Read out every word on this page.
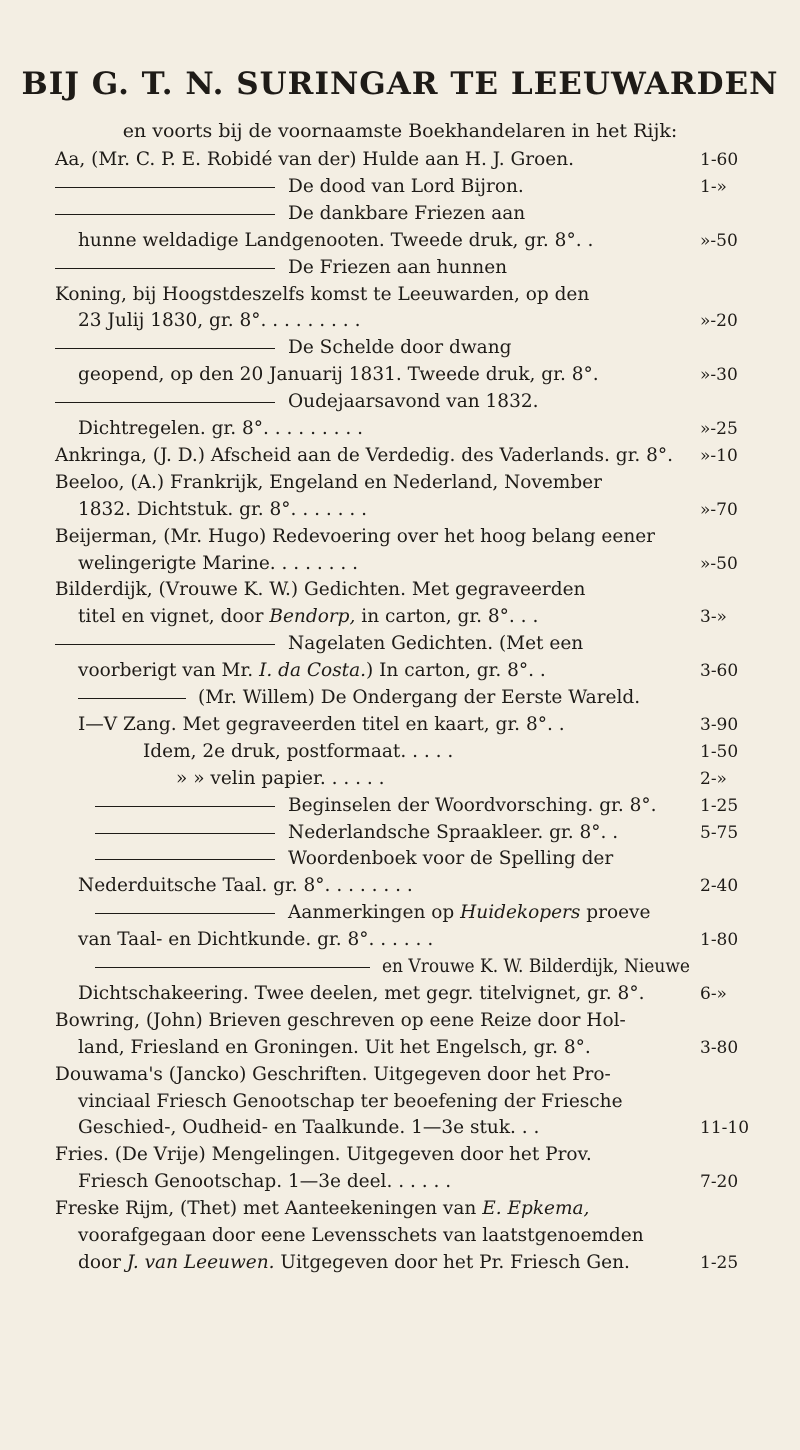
BIJ G. T. N. SURINGAR TE LEEUWARDEN

en voorts bij de voornaamste Boekhandelaren in het Rijk:

Aa, (Mr. C. P. E. Robidé van der) Hulde aan H. J. Groen.	1-60
De dood van Lord Bijron.	1-»
De dankbare Friezen aan
hunne weldadige Landgenooten. Tweede druk, gr. 8°. .	»-50
De Friezen aan hunnen
Koning, bij Hoogstdeszelfs komst te Leeuwarden, op den
23 Julij 1830, gr. 8°. . . . . . . . .	»-20
De Schelde door dwang
geopend, op den 20 Januarij 1831. Tweede druk, gr. 8°.	»-30
Oudejaarsavond van 1832.
Dichtregelen. gr. 8°. . . . . . . . .	»-25
Ankringa, (J. D.) Afscheid aan de Verdedig. des Vaderlands. gr. 8°. »-10
Beeloo, (A.) Frankrijk, Engeland en Nederland, November
1832. Dichtstuk. gr. 8°. . . . . . .	»-70
Beijerman, (Mr. Hugo) Redevoering over het hoog belang eener
welingerigte Marine. . . . . . . .	»-50
Bilderdijk, (Vrouwe K. W.) Gedichten. Met gegraveerden
titel en vignet, door Bendorp, in carton, gr. 8°. . .	3-»
Nagelaten Gedichten. (Met een
voorberigt van Mr. I. da Costa.) In carton, gr. 8°. .	3-60
(Mr. Willem) De Ondergang der Eerste Wareld.
I—V Zang. Met gegraveerden titel en kaart, gr. 8°. .	3-90
Idem, 2e druk, postformaat. . . . .	1-50
» » velin papier. . . . . .	2-»
Beginselen der Woordvorsching. gr. 8°.	1-25
Nederlandsche Spraakleer. gr. 8°. .	5-75
Woordenboek voor de Spelling der
Nederduitsche Taal. gr. 8°. . . . . . . .	2-40
Aanmerkingen op Huidekopers proeve
van Taal- en Dichtkunde. gr. 8°. . . . . .	1-80
en Vrouwe K. W. Bilderdijk, Nieuwe
Dichtschakeering. Twee deelen, met gegr. titelvignet, gr. 8°.	6-»
Bowring, (John) Brieven geschreven op eene Reize door Hol-
land, Friesland en Groningen. Uit het Engelsch, gr. 8°.	3-80
Douwama's (Jancko) Geschriften. Uitgegeven door het Pro-
vinciaal Friesch Genootschap ter beoefening der Friesche
Geschied-, Oudheid- en Taalkunde. 1—3e stuk. . .	11-10
Fries. (De Vrije) Mengelingen. Uitgegeven door het Prov.
Friesch Genootschap. 1—3e deel. . . . . .	7-20
Freske Rijm, (Thet) met Aanteekeningen van E. Epkema,
voorafgegaan door eene Levensschets van laatstgenoemden
door J. van Leeuwen. Uitgegeven door het Pr. Friesch Gen.	1-25
